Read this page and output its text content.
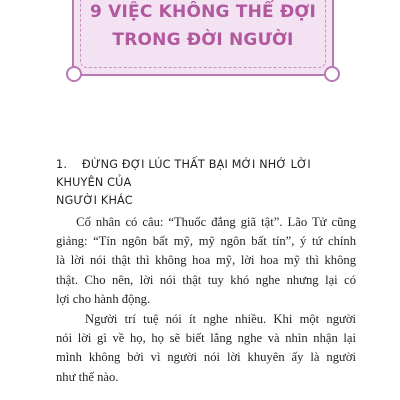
9 VIỆC KHÔNG THỂ ĐỢI
TRONG ĐỜI NGƯỜI
1. ĐỪNG ĐỢI LÚC THẤT BẠI MỚI NHỚ LỜI KHUYÊN CỦA
NGƯỜI KHÁC

Cổ nhân có câu: “Thuốc đắng giã tật”. Lão Tử cũng
giảng: “Tín ngôn bất mỹ, mỹ ngôn bất tín”, ý tứ chính
là lời nói thật thì không hoa mỹ, lời hoa mỹ thì không
thật. Cho nên, lời nói thật tuy khó nghe nhưng lại có
lợi cho hành động.

Người trí tuệ nói ít nghe nhiều. Khi một người
nói lời gì về họ, họ sẽ biết lắng nghe và nhìn nhận lại
mình không bởi vì người nói lời khuyên ấy là người
như thế nào.
